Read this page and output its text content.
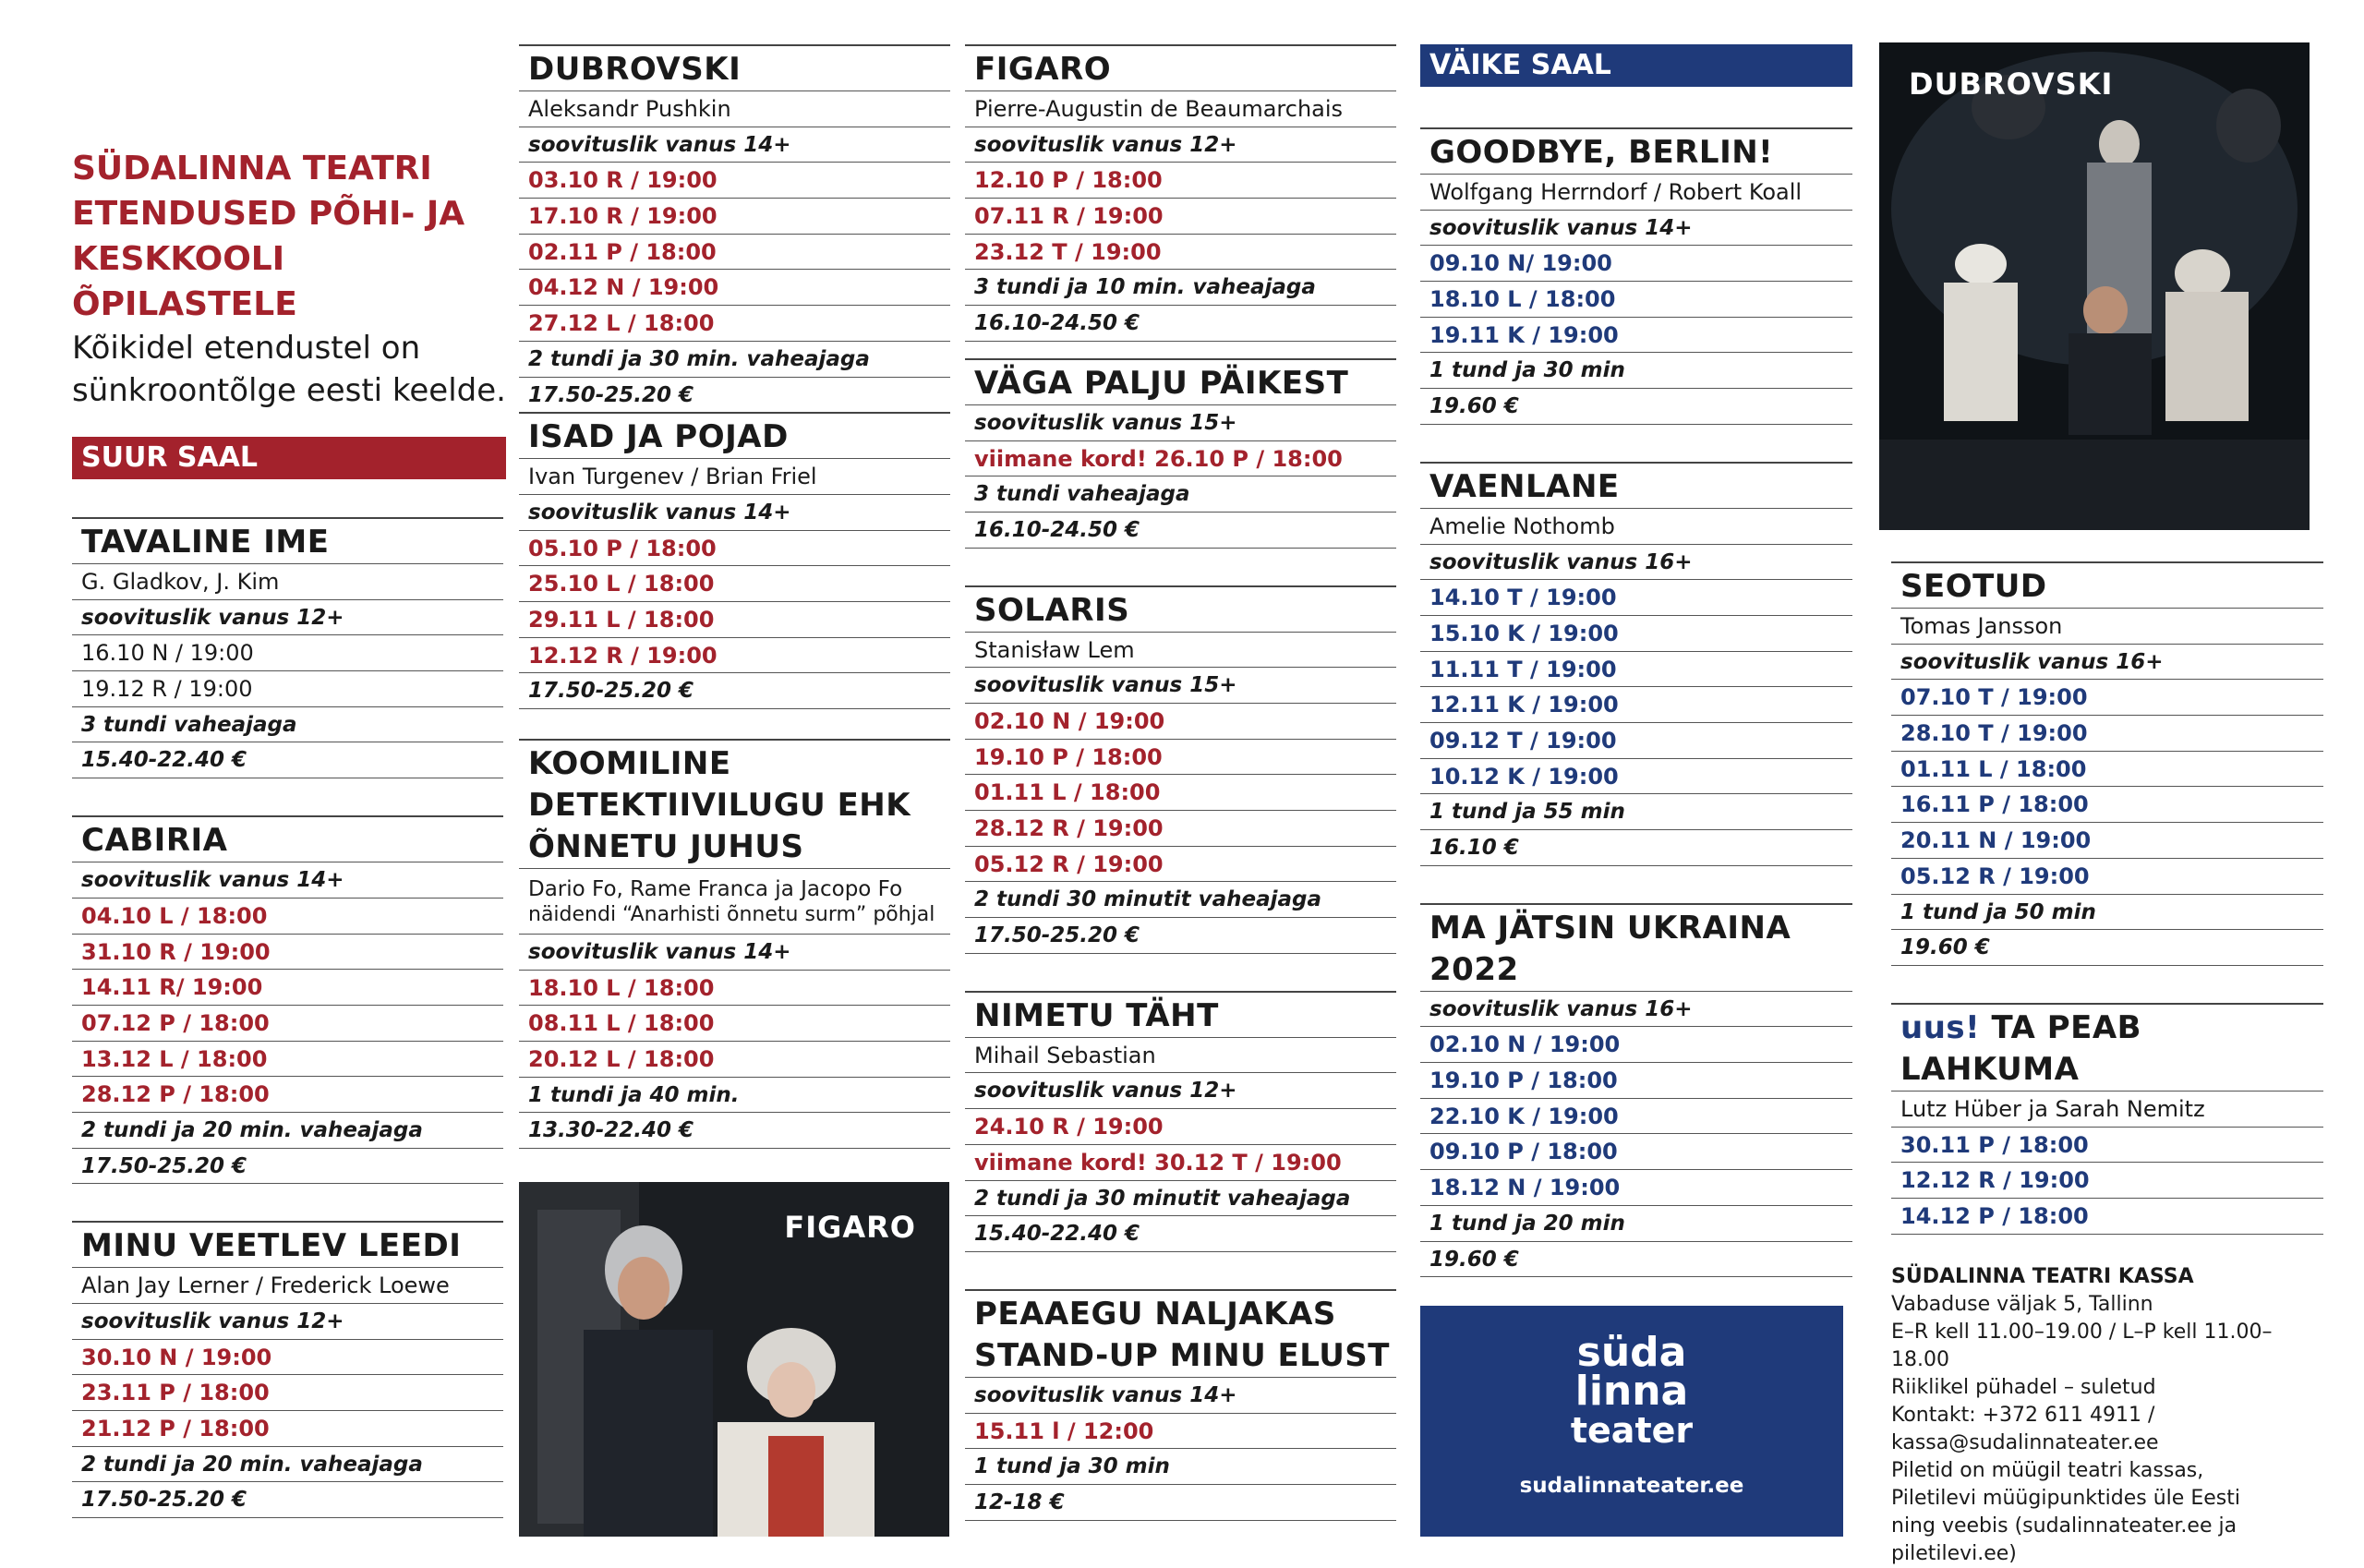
SÜDALINNA TEATRI
ETENDUSED PÕHI- JA
KESKKOOLI ÕPILASTELE
Kõikidel etendustel on
sünkroontõlge eesti keelde.
SUUR SAAL
TAVALINE IME
G. Gladkov, J. Kim
soovituslik vanus 12+
16.10 N / 19:00
19.12 R / 19:00
3 tundi vaheajaga
15.40-22.40 €
CABIRIA
soovituslik vanus 14+
04.10 L / 18:00
31.10 R / 19:00
14.11 R/ 19:00
07.12 P / 18:00
13.12 L / 18:00
28.12 P / 18:00
2 tundi ja 20 min. vaheajaga
17.50-25.20 €
MINU VEETLEV LEEDI
Alan Jay Lerner / Frederick Loewe
soovituslik vanus 12+
30.10 N / 19:00
23.11 P / 18:00
21.12 P / 18:00
2 tundi ja 20 min. vaheajaga
17.50-25.20 €
DUBROVSKI
Aleksandr Pushkin
soovituslik vanus 14+
03.10 R / 19:00
17.10 R / 19:00
02.11 P / 18:00
04.12 N / 19:00
27.12 L / 18:00
2 tundi ja 30 min. vaheajaga
17.50-25.20 €
ISAD JA POJAD
Ivan Turgenev / Brian Friel
soovituslik vanus 14+
05.10 P / 18:00
25.10 L / 18:00
29.11 L / 18:00
12.12 R / 19:00
17.50-25.20 €
KOOMILINE
DETEKTIIVILUGU EHK
ÕNNETU JUHUS
Dario Fo, Rame Franca ja Jacopo Fo
näidendi “Anarhisti õnnetu surm” põhjal
soovituslik vanus 14+
18.10 L / 18:00
08.11 L / 18:00
20.12 L / 18:00
1 tundi ja 40 min.
13.30-22.40 €
FIGARO
FIGARO
Pierre-Augustin de Beaumarchais
soovituslik vanus 12+
12.10 P / 18:00
07.11 R / 19:00
23.12 T / 19:00
3 tundi ja 10 min. vaheajaga
16.10-24.50 €
VÄGA PALJU PÄIKEST
soovituslik vanus 15+
viimane kord! 26.10 P / 18:00
3 tundi vaheajaga
16.10-24.50 €
SOLARIS
Stanisław Lem
soovituslik vanus 15+
02.10 N / 19:00
19.10 P / 18:00
01.11 L / 18:00
28.12 R / 19:00
05.12 R / 19:00
2 tundi 30 minutit vaheajaga
17.50-25.20 €
NIMETU TÄHT
Mihail Sebastian
soovituslik vanus 12+
24.10 R / 19:00
viimane kord! 30.12 T / 19:00
2 tundi ja 30 minutit vaheajaga
15.40-22.40 €
PEAAEGU NALJAKAS
STAND-UP MINU ELUST
soovituslik vanus 14+
15.11 l / 12:00
1 tund ja 30 min
12-18 €
VÄIKE SAAL
GOODBYE, BERLIN!
Wolfgang Herrndorf / Robert Koall
soovituslik vanus 14+
09.10 N/ 19:00
18.10 L / 18:00
19.11 K / 19:00
1 tund ja 30 min
19.60 €
VAENLANE
Amelie Nothomb
soovituslik vanus 16+
14.10 T / 19:00
15.10 K / 19:00
11.11 T / 19:00
12.11 K / 19:00
09.12 T / 19:00
10.12 K / 19:00
1 tund ja 55 min
16.10 €
MA JÄTSIN UKRAINA
2022
soovituslik vanus 16+
02.10 N / 19:00
19.10 P / 18:00
22.10 K / 19:00
09.10 P / 18:00
18.12 N / 19:00
1 tund ja 20 min
19.60 €
süda
linna
teater
sudalinnateater.ee
DUBROVSKI
SEOTUD
Tomas Jansson
soovituslik vanus 16+
07.10 T / 19:00
28.10 T / 19:00
01.11 L / 18:00
16.11 P / 18:00
20.11 N / 19:00
05.12 R / 19:00
1 tund ja 50 min
19.60 €
uus! TA PEAB LAHKUMA
Lutz Hüber ja Sarah Nemitz
30.11 P / 18:00
12.12 R / 19:00
14.12 P / 18:00
SÜDALINNA TEATRI KASSA
Vabaduse väljak 5, Tallinn
E–R kell 11.00–19.00 / L–P kell 11.00–18.00
Riiklikel pühadel – suletud
Kontakt: +372 611 4911 /
kassa@sudalinnateater.ee
Piletid on müügil teatri kassas,
Piletilevi müügipunktides üle Eesti
ning veebis (sudalinnateater.ee ja
piletilevi.ee)
